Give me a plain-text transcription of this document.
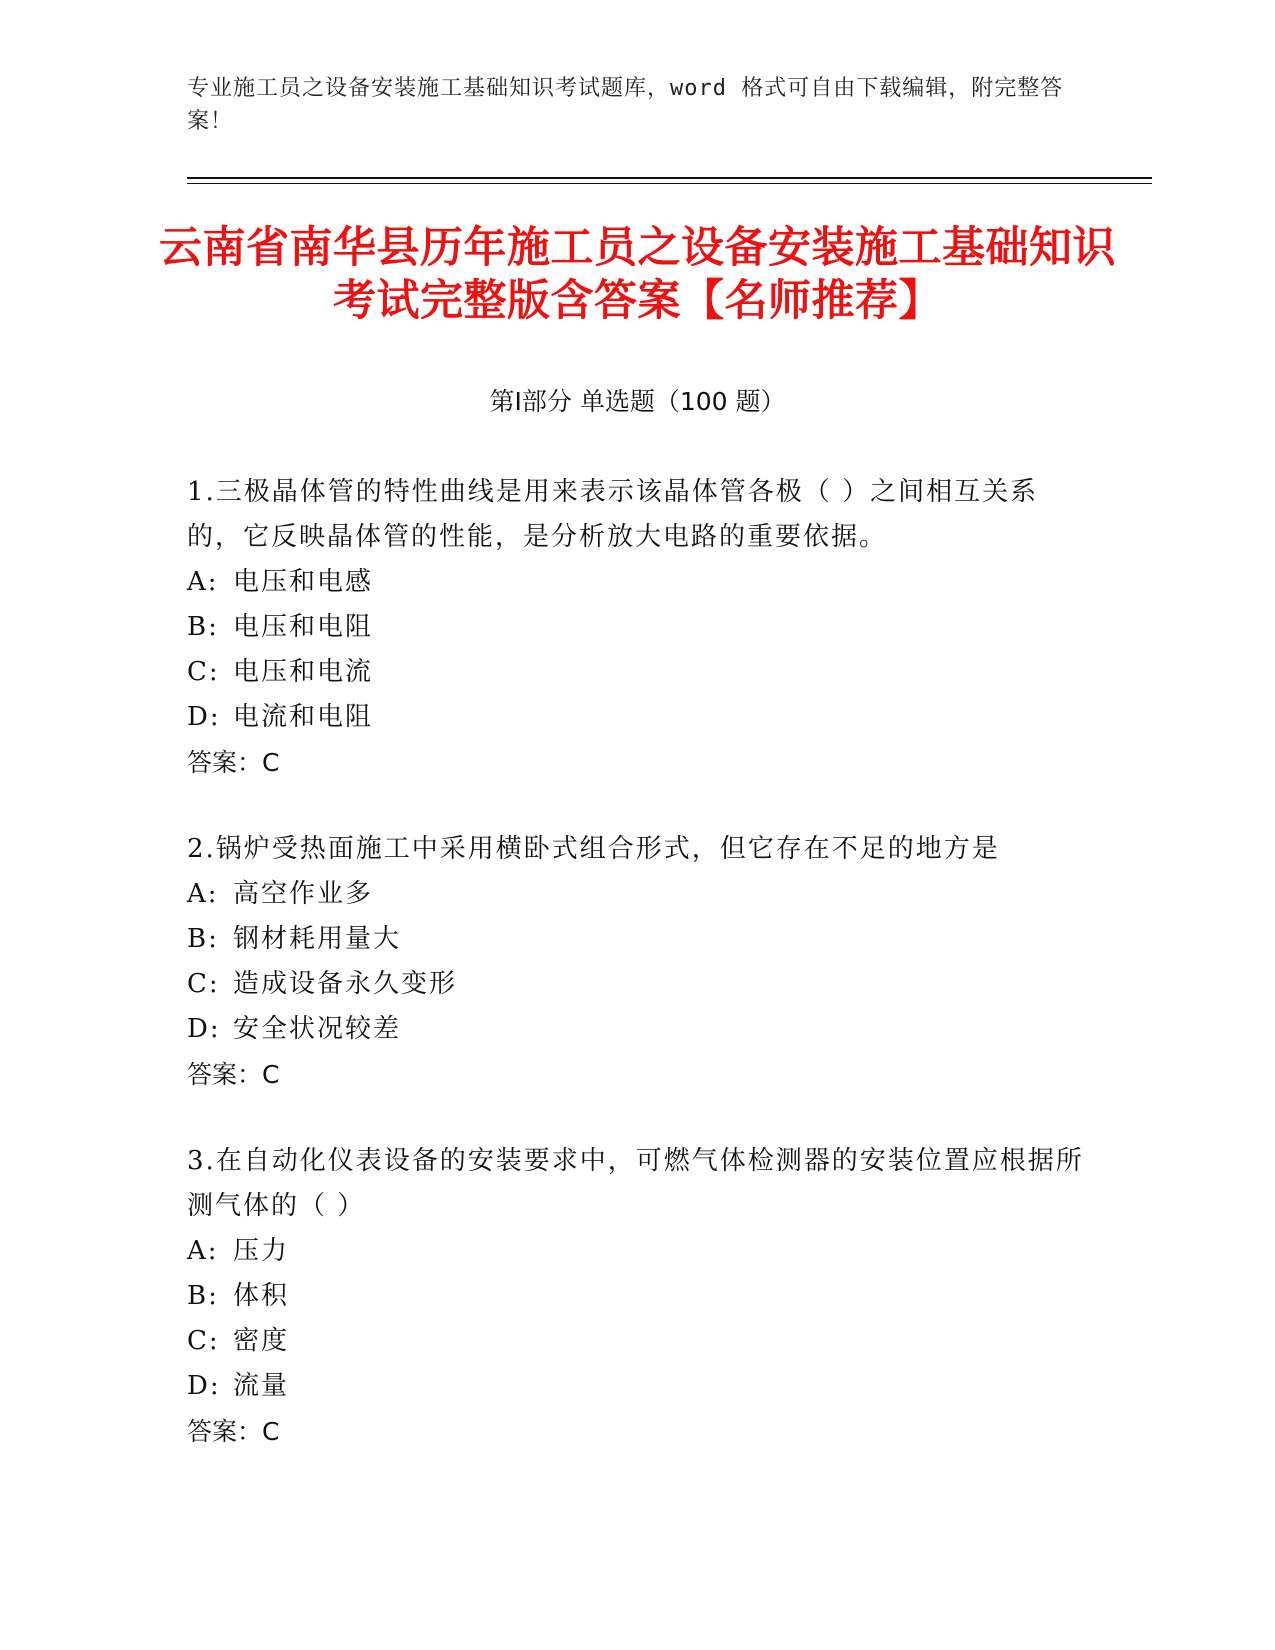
专业施工员之设备安装施工基础知识考试题库，word 格式可自由下载编辑，附完整答案！
云南省南华县历年施工员之设备安装施工基础知识考试完整版含答案【名师推荐】
第Ⅰ部分 单选题（100 题）
1.三极晶体管的特性曲线是用来表示该晶体管各极（ ）之间相互关系的，它反映晶体管的性能，是分析放大电路的重要依据。
A: 电压和电感
B: 电压和电阻
C: 电压和电流
D: 电流和电阻
答案：C
2.锅炉受热面施工中采用横卧式组合形式，但它存在不足的地方是
A: 高空作业多
B: 钢材耗用量大
C: 造成设备永久变形
D: 安全状况较差
答案：C
3.在自动化仪表设备的安装要求中，可燃气体检测器的安装位置应根据所测气体的（ ）
A: 压力
B: 体积
C: 密度
D: 流量
答案：C
